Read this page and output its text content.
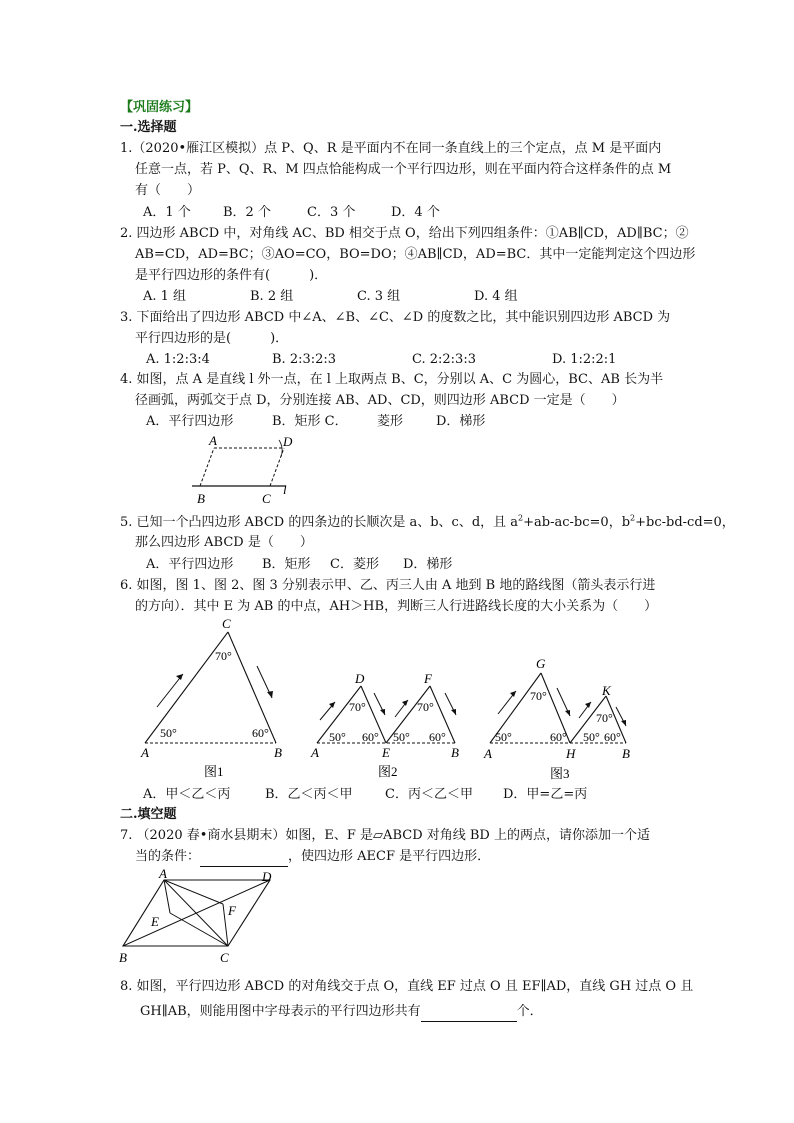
【巩固练习】
一.选择题
1.（2020•雁江区模拟）点 P、Q、R 是平面内不在同一条直线上的三个定点，点 M 是平面内
任意一点，若 P、Q、R、M 四点恰能构成一个平行四边形，则在平面内符合这样条件的点 M
有（　　）
A．1 个 B．2 个	C．3 个	D．4 个
2. 四边形 ABCD 中，对角线 AC、BD 相交于点 O，给出下列四组条件：①AB∥CD，AD∥BC；②
AB=CD，AD=BC；③AO=CO，BO=DO；④AB∥CD，AD=BC．其中一定能判定这个四边形
是平行四边形的条件有(　　　)．
A. 1 组	B. 2 组	C. 3 组	D. 4 组
3. 下面给出了四边形 ABCD 中∠A、∠B、∠C、∠D 的度数之比，其中能识别四边形 ABCD 为
平行四边形的是(　　　)．
A. 1:2:3:4	B. 2:3:2:3	C. 2:2:3:3	D. 1:2:2:1
4. 如图，点 A 是直线 l 外一点，在 l 上取两点 B、C，分别以 A、C 为圆心，BC、AB 长为半
径画弧，两弧交于点 D，分别连接 AB、AD、CD，则四边形 ABCD 一定是（　　）
A．平行四边形	B．矩形 C． 菱形	D．梯形
A	D
B	C
l
5. 已知一个凸四边形 ABCD 的四条边的长顺次是 a、b、c、d，且 $a^2+ab-ac-bc=0$，$b^2+bc-bd-cd=0$，
那么四边形 ABCD 是（　　）
A．平行四边形 B．矩形 C．菱形 D．梯形
6. 如图，图 1、图 2、图 3 分别表示甲、乙、丙三人由 A 地到 B 地的路线图（箭头表示行进
的方向）．其中 E 为 AB 的中点，AH＞HB，判断三人行进路线长度的大小关系为（　　）
C
70°
50°	60°
A	B
图1
D	F
70°	70°
50° 60° 50° 60°
A	E	B
图2
G
K
70°
70°
50°	60° 50° 60°
A	H	B
图3
A．甲＜乙＜丙	B．乙＜丙＜甲 C．丙＜乙＜甲 D．甲=乙=丙
二.填空题
7. （2020 春•商水县期末）如图，E、F 是▱ABCD 对角线 BD 上的两点，请你添加一个适
当的条件：	，使四边形 AECF 是平行四边形．
A	D
E
F
B	C
8. 如图，平行四边形 ABCD 的对角线交于点 O，直线 EF 过点 O 且 EF∥AD，直线 GH 过点 O 且
GH∥AB，则能用图中字母表示的平行四边形共有	个．
